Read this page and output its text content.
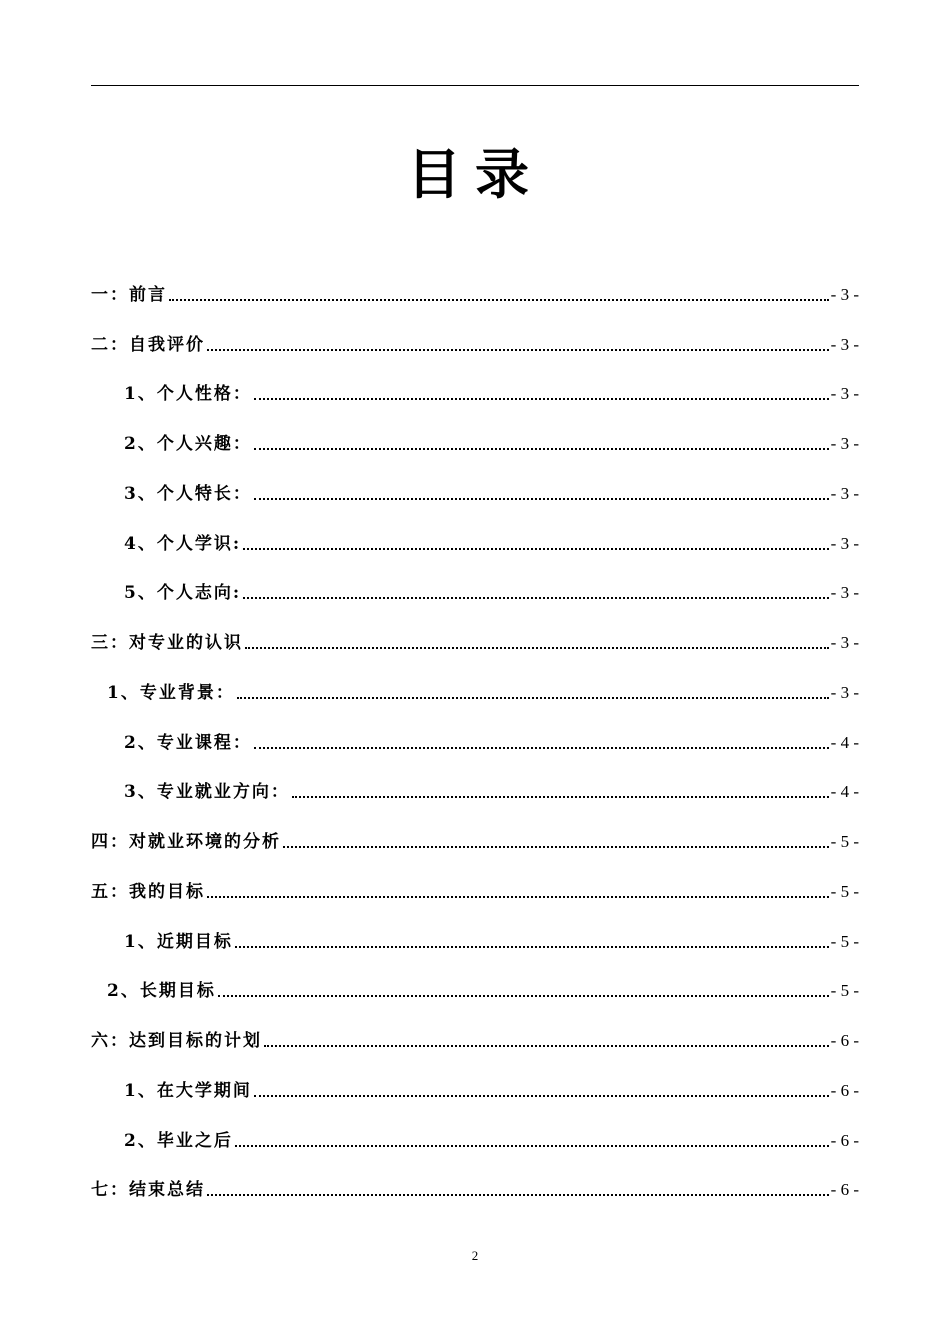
目录
一：前言	- 3 -
二：自我评价	- 3 -
1、个人性格：	- 3 -
2、个人兴趣：	- 3 -
3、个人特长：	- 3 -
4、个人学识:	- 3 -
5、个人志向:	- 3 -
三：对专业的认识	- 3 -
1、专业背景：	- 3 -
2、专业课程：	- 4 -
3、专业就业方向：	- 4 -
四：对就业环境的分析	- 5 -
五：我的目标	- 5 -
1、近期目标	- 5 -
2、长期目标	- 5 -
六：达到目标的计划	- 6 -
1、在大学期间	- 6 -
2、毕业之后	- 6 -
七：结束总结	- 6 -
2
